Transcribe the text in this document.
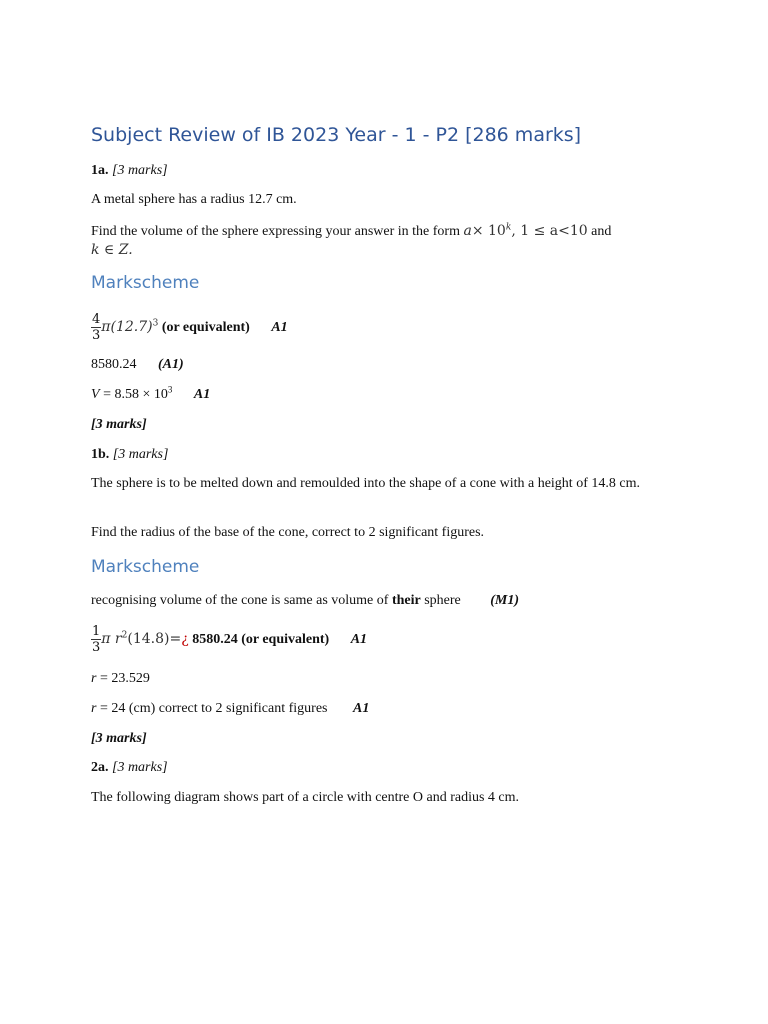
Subject Review of IB 2023 Year - 1 - P2 [286 marks]
1a. [3 marks]
A metal sphere has a radius 12.7 cm.
Find the volume of the sphere expressing your answer in the form $a\times 10^k$, 1 ≤ a<10 and
k ∈ Z.
Markscheme
$\frac{4}{3} \pi(12.7)^3$ (or equivalent) A1
8580.24 (A1)
$V = 8.58 \times 10^3$ A1
[3 marks]
1b. [3 marks]
The sphere is to be melted down and remoulded into the shape of a cone with a height of 14.8 cm.
Find the radius of the base of the cone, correct to 2 significant figures.
Markscheme
recognising volume of the cone is same as volume of their sphere (M1)
$\frac{1}{3}$ π $r^2(14.8)=¿$ 8580.24 (or equivalent) A1
r = 23.529
r = 24 (cm) correct to 2 significant figures A1
[3 marks]
2a. [3 marks]
The following diagram shows part of a circle with centre O and radius 4 cm.
